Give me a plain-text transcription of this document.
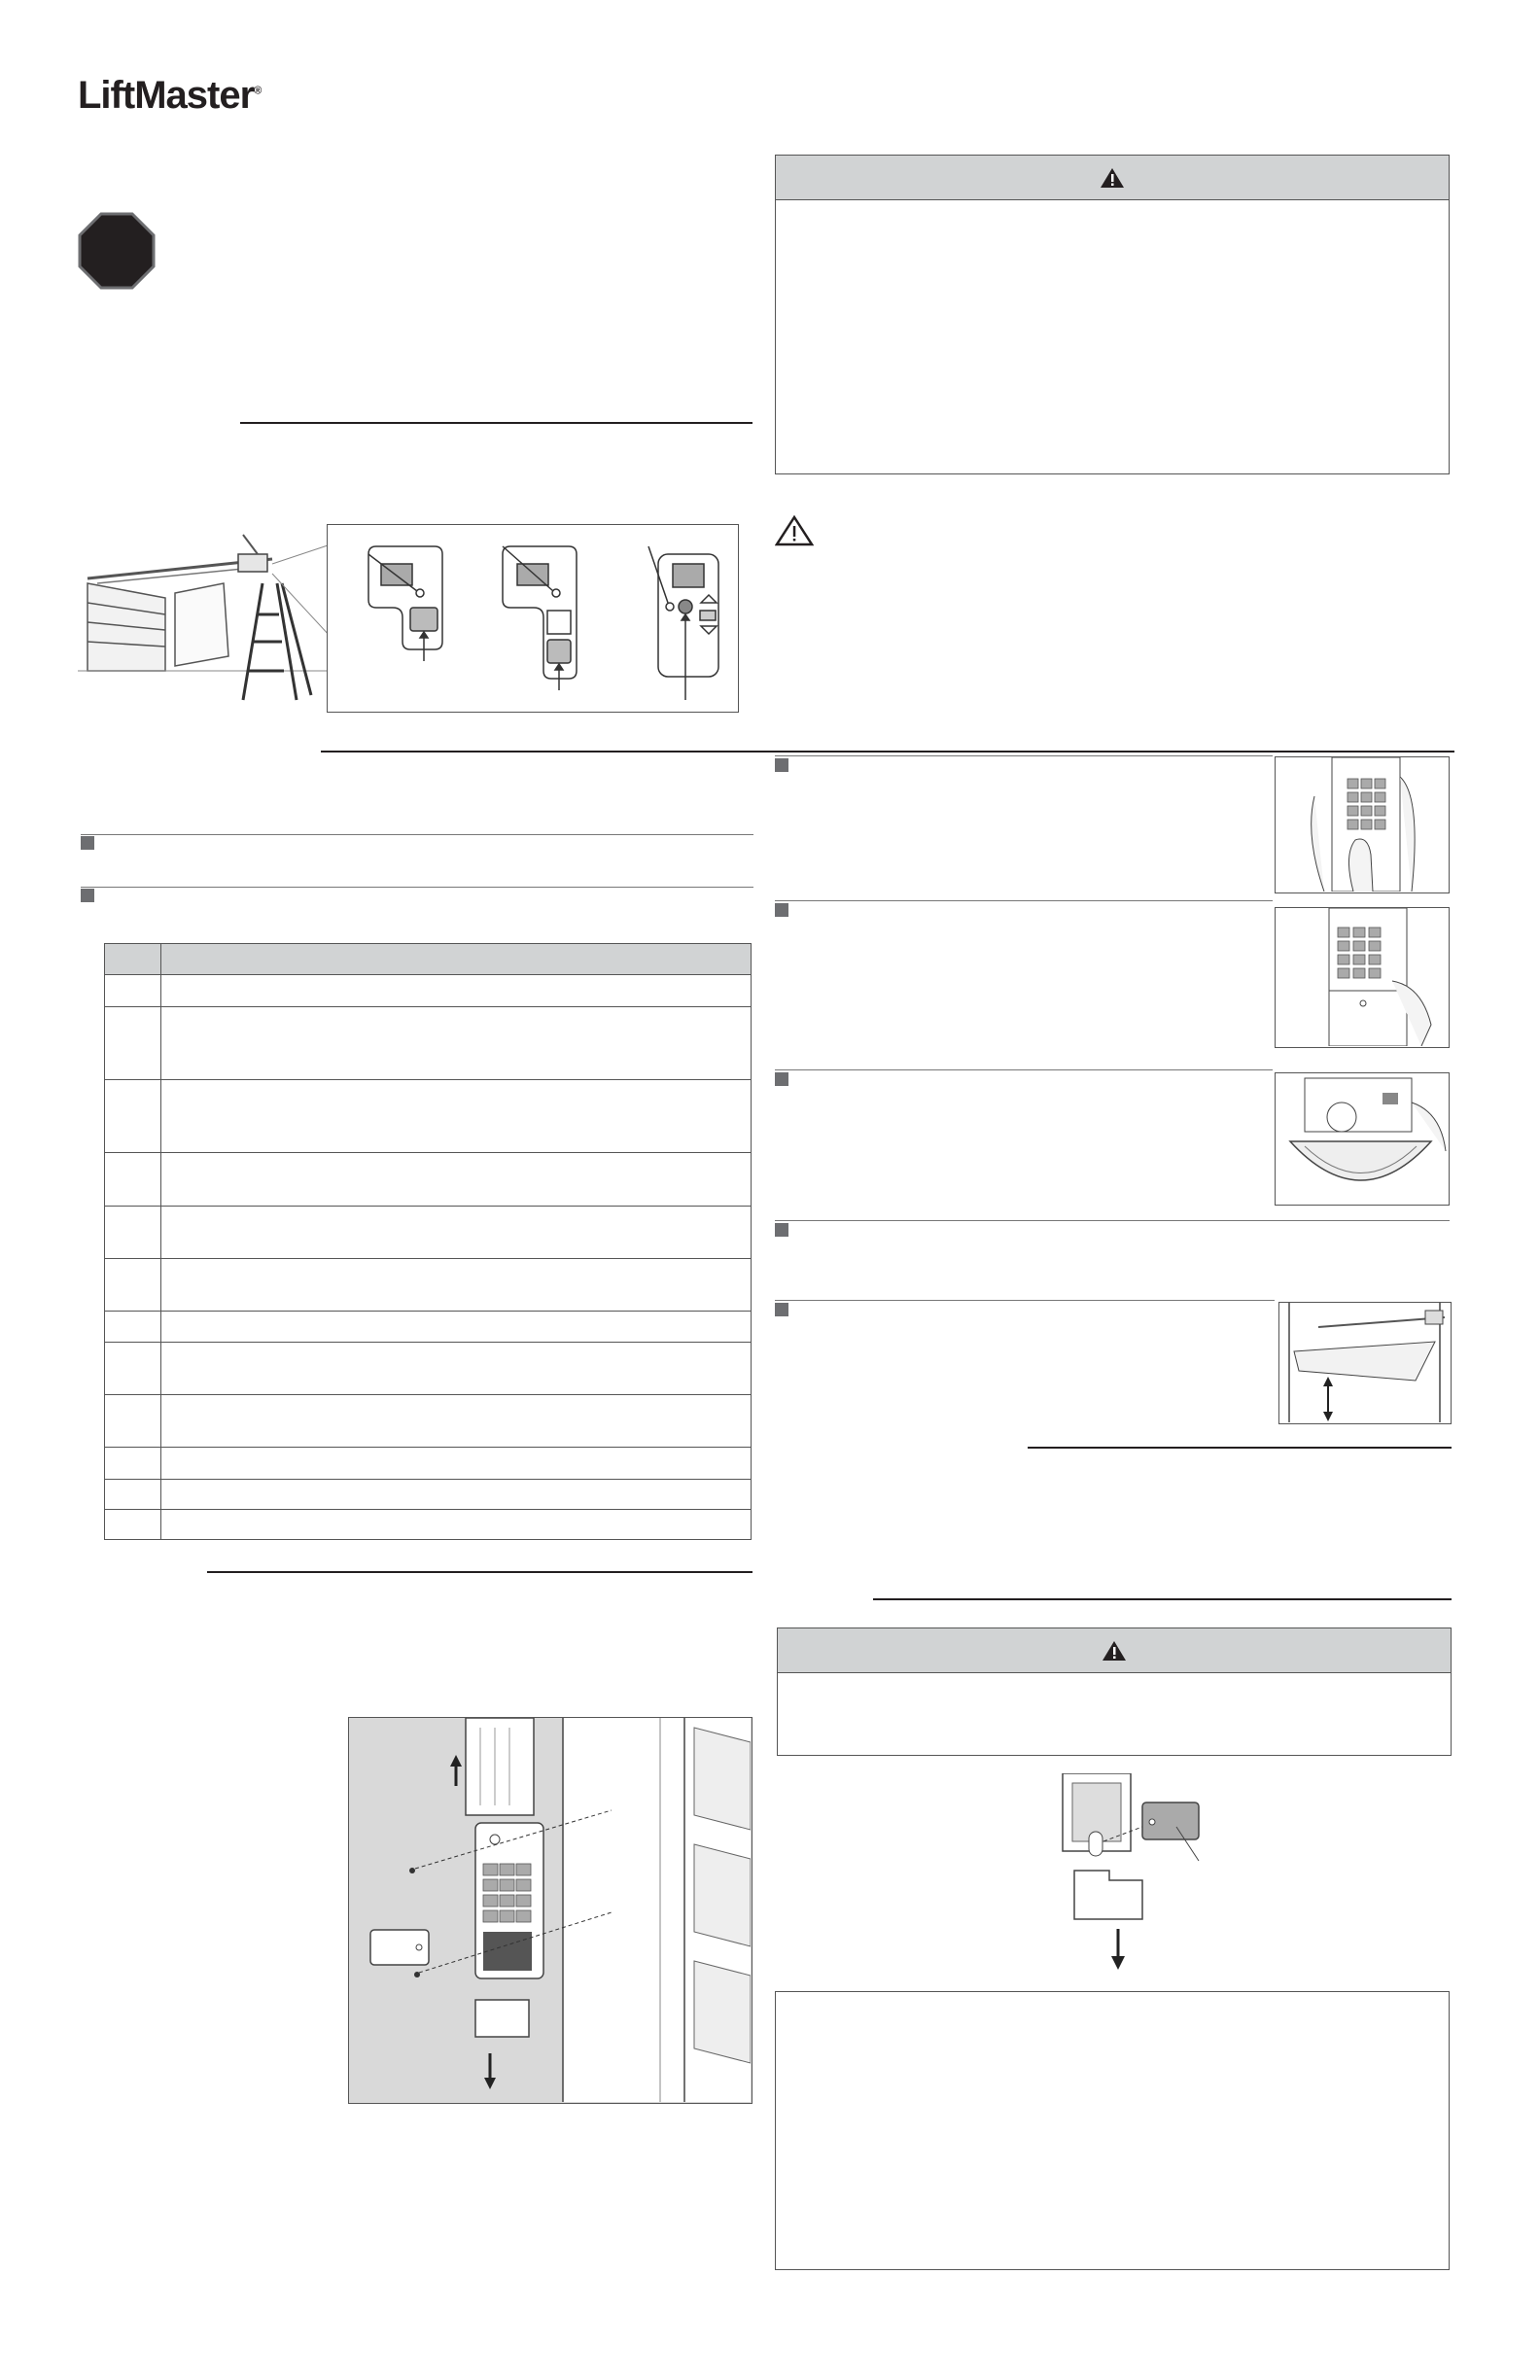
LiftMaster®
